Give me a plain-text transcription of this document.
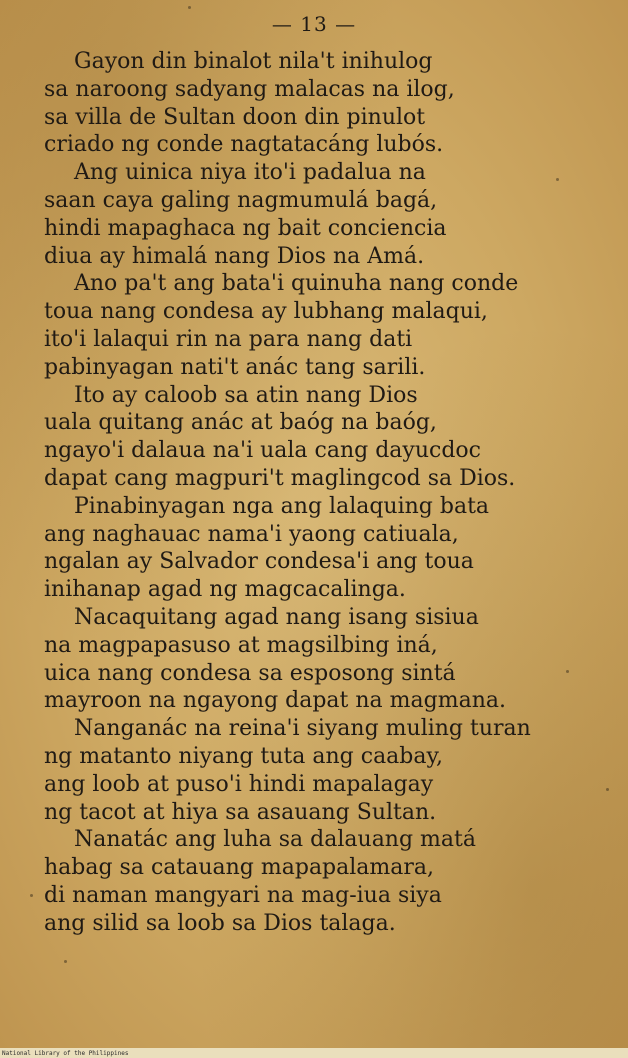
— 13 —
Gayon din binalot nila't inihulog
sa naroong sadyang malacas na ilog,
sa villa de Sultan doon din pinulot
criado ng conde nagtatacáng lubós.
Ang uinica niya ito'i padalua na
saan caya galing nagmumulá bagá,
hindi mapaghaca ng bait conciencia
diua ay himalá nang Dios na Amá.
Ano pa't ang bata'i quinuha nang conde
toua nang condesa ay lubhang malaqui,
ito'i lalaqui rin na para nang dati
pabinyagan nati't anác tang sarili.
Ito ay caloob sa atin nang Dios
uala quitang anác at baóg na baóg,
ngayo'i dalaua na'i uala cang dayucdoc
dapat cang magpuri't maglingcod sa Dios.
Pinabinyagan nga ang lalaquing bata
ang naghauac nama'i yaong catiuala,
ngalan ay Salvador condesa'i ang toua
inihanap agad ng magcacalinga.
Nacaquitang agad nang isang sisiua
na magpapasuso at magsilbing iná,
uica nang condesa sa esposong sintá
mayroon na ngayong dapat na magmana.
Nanganác na reina'i siyang muling turan
ng matanto niyang tuta ang caabay,
ang loob at puso'i hindi mapalagay
ng tacot at hiya sa asauang Sultan.
Nanatác ang luha sa dalauang matá
habag sa catauang mapapalamara,
di naman mangyari na mag-iua siya
ang silid sa loob sa Dios talaga.
National Library of the Philippines
